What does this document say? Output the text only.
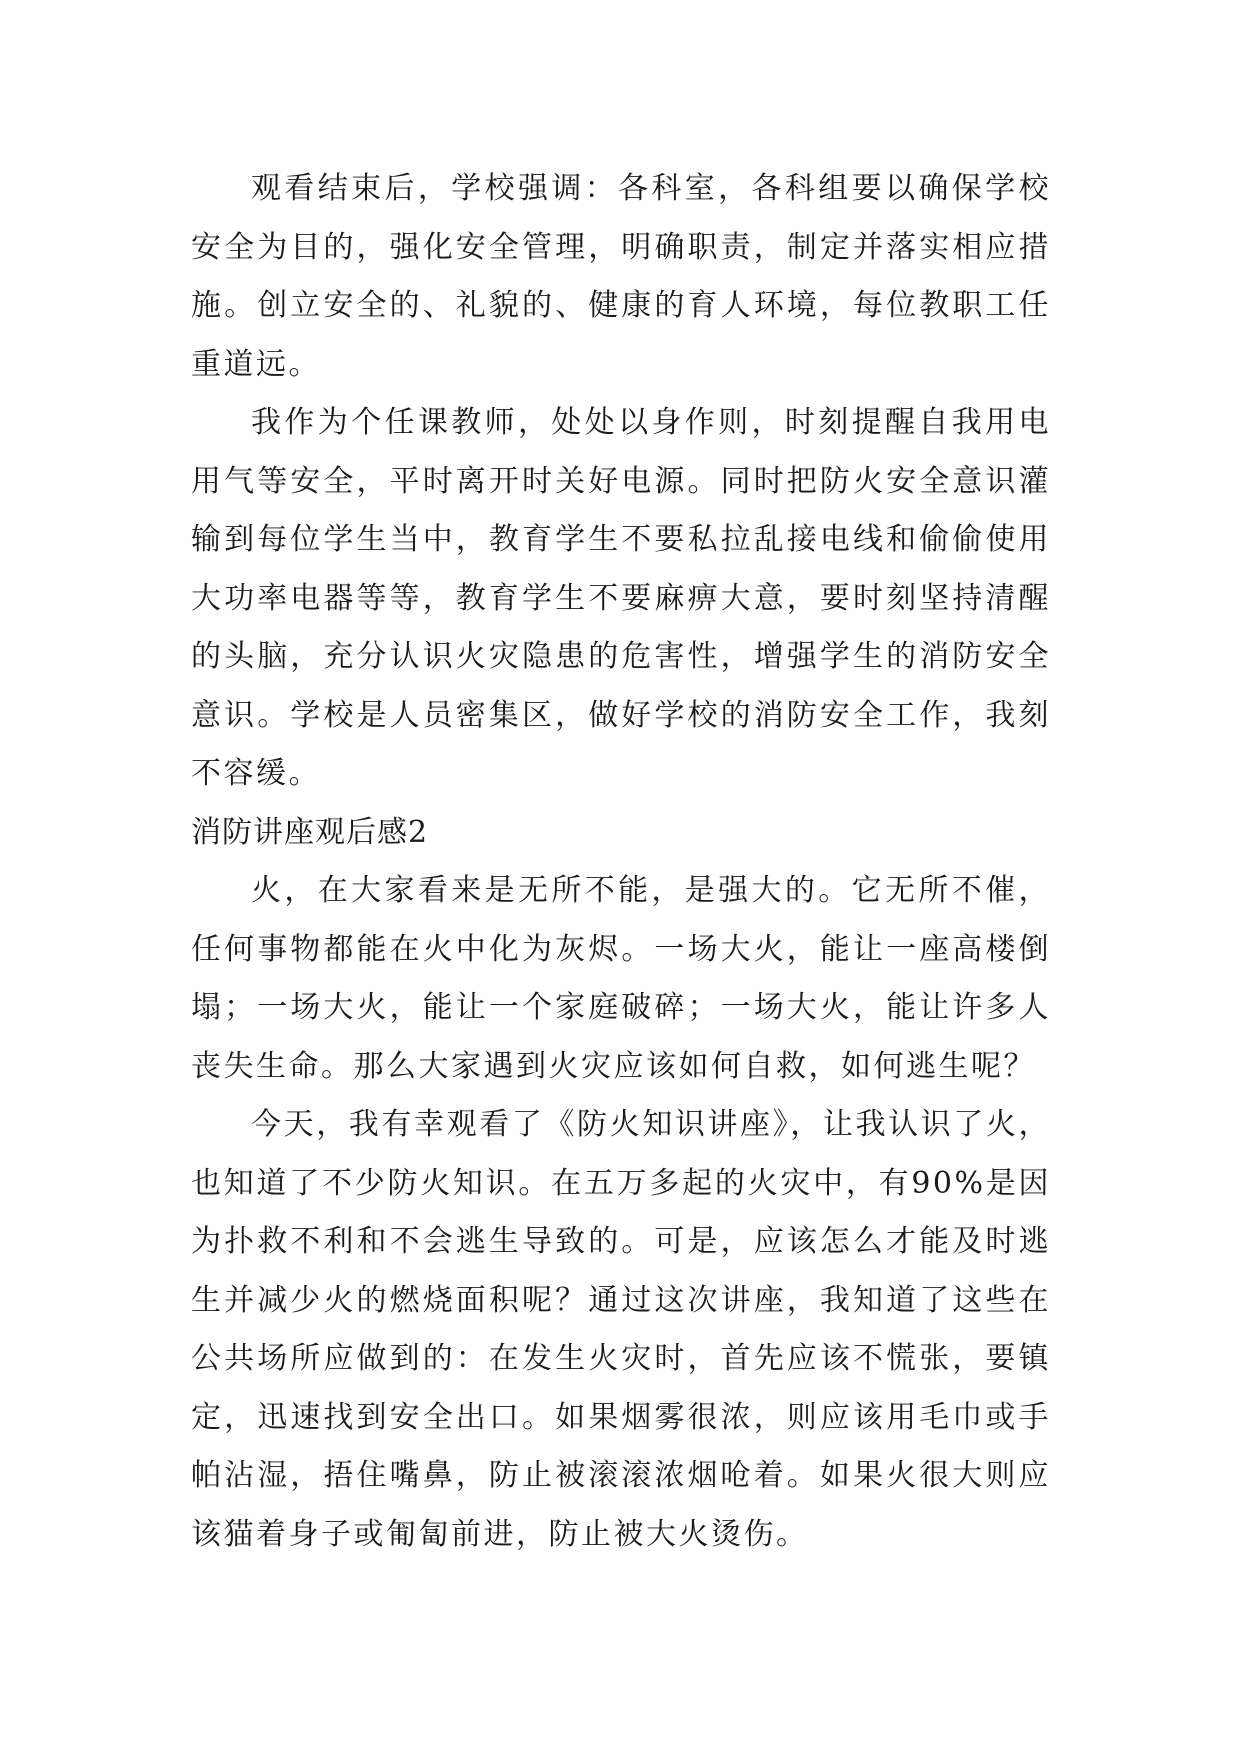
观看结束后，学校强调：各科室，各科组要以确保学校安全为目的，强化安全管理，明确职责，制定并落实相应措施。创立安全的、礼貌的、健康的育人环境，每位教职工任重道远。

我作为个任课教师，处处以身作则，时刻提醒自我用电用气等安全，平时离开时关好电源。同时把防火安全意识灌输到每位学生当中，教育学生不要私拉乱接电线和偷偷使用大功率电器等等，教育学生不要麻痹大意，要时刻坚持清醒的头脑，充分认识火灾隐患的危害性，增强学生的消防安全意识。学校是人员密集区，做好学校的消防安全工作，我刻不容缓。

消防讲座观后感2

火，在大家看来是无所不能，是强大的。它无所不催，任何事物都能在火中化为灰烬。一场大火，能让一座高楼倒塌；一场大火，能让一个家庭破碎；一场大火，能让许多人丧失生命。那么大家遇到火灾应该如何自救，如何逃生呢？

今天，我有幸观看了《防火知识讲座》，让我认识了火，也知道了不少防火知识。在五万多起的火灾中，有90%是因为扑救不利和不会逃生导致的。可是，应该怎么才能及时逃生并减少火的燃烧面积呢？通过这次讲座，我知道了这些在公共场所应做到的：在发生火灾时，首先应该不慌张，要镇定，迅速找到安全出口。如果烟雾很浓，则应该用毛巾或手帕沾湿，捂住嘴鼻，防止被滚滚浓烟呛着。如果火很大则应该猫着身子或匍匐前进，防止被大火烫伤。
